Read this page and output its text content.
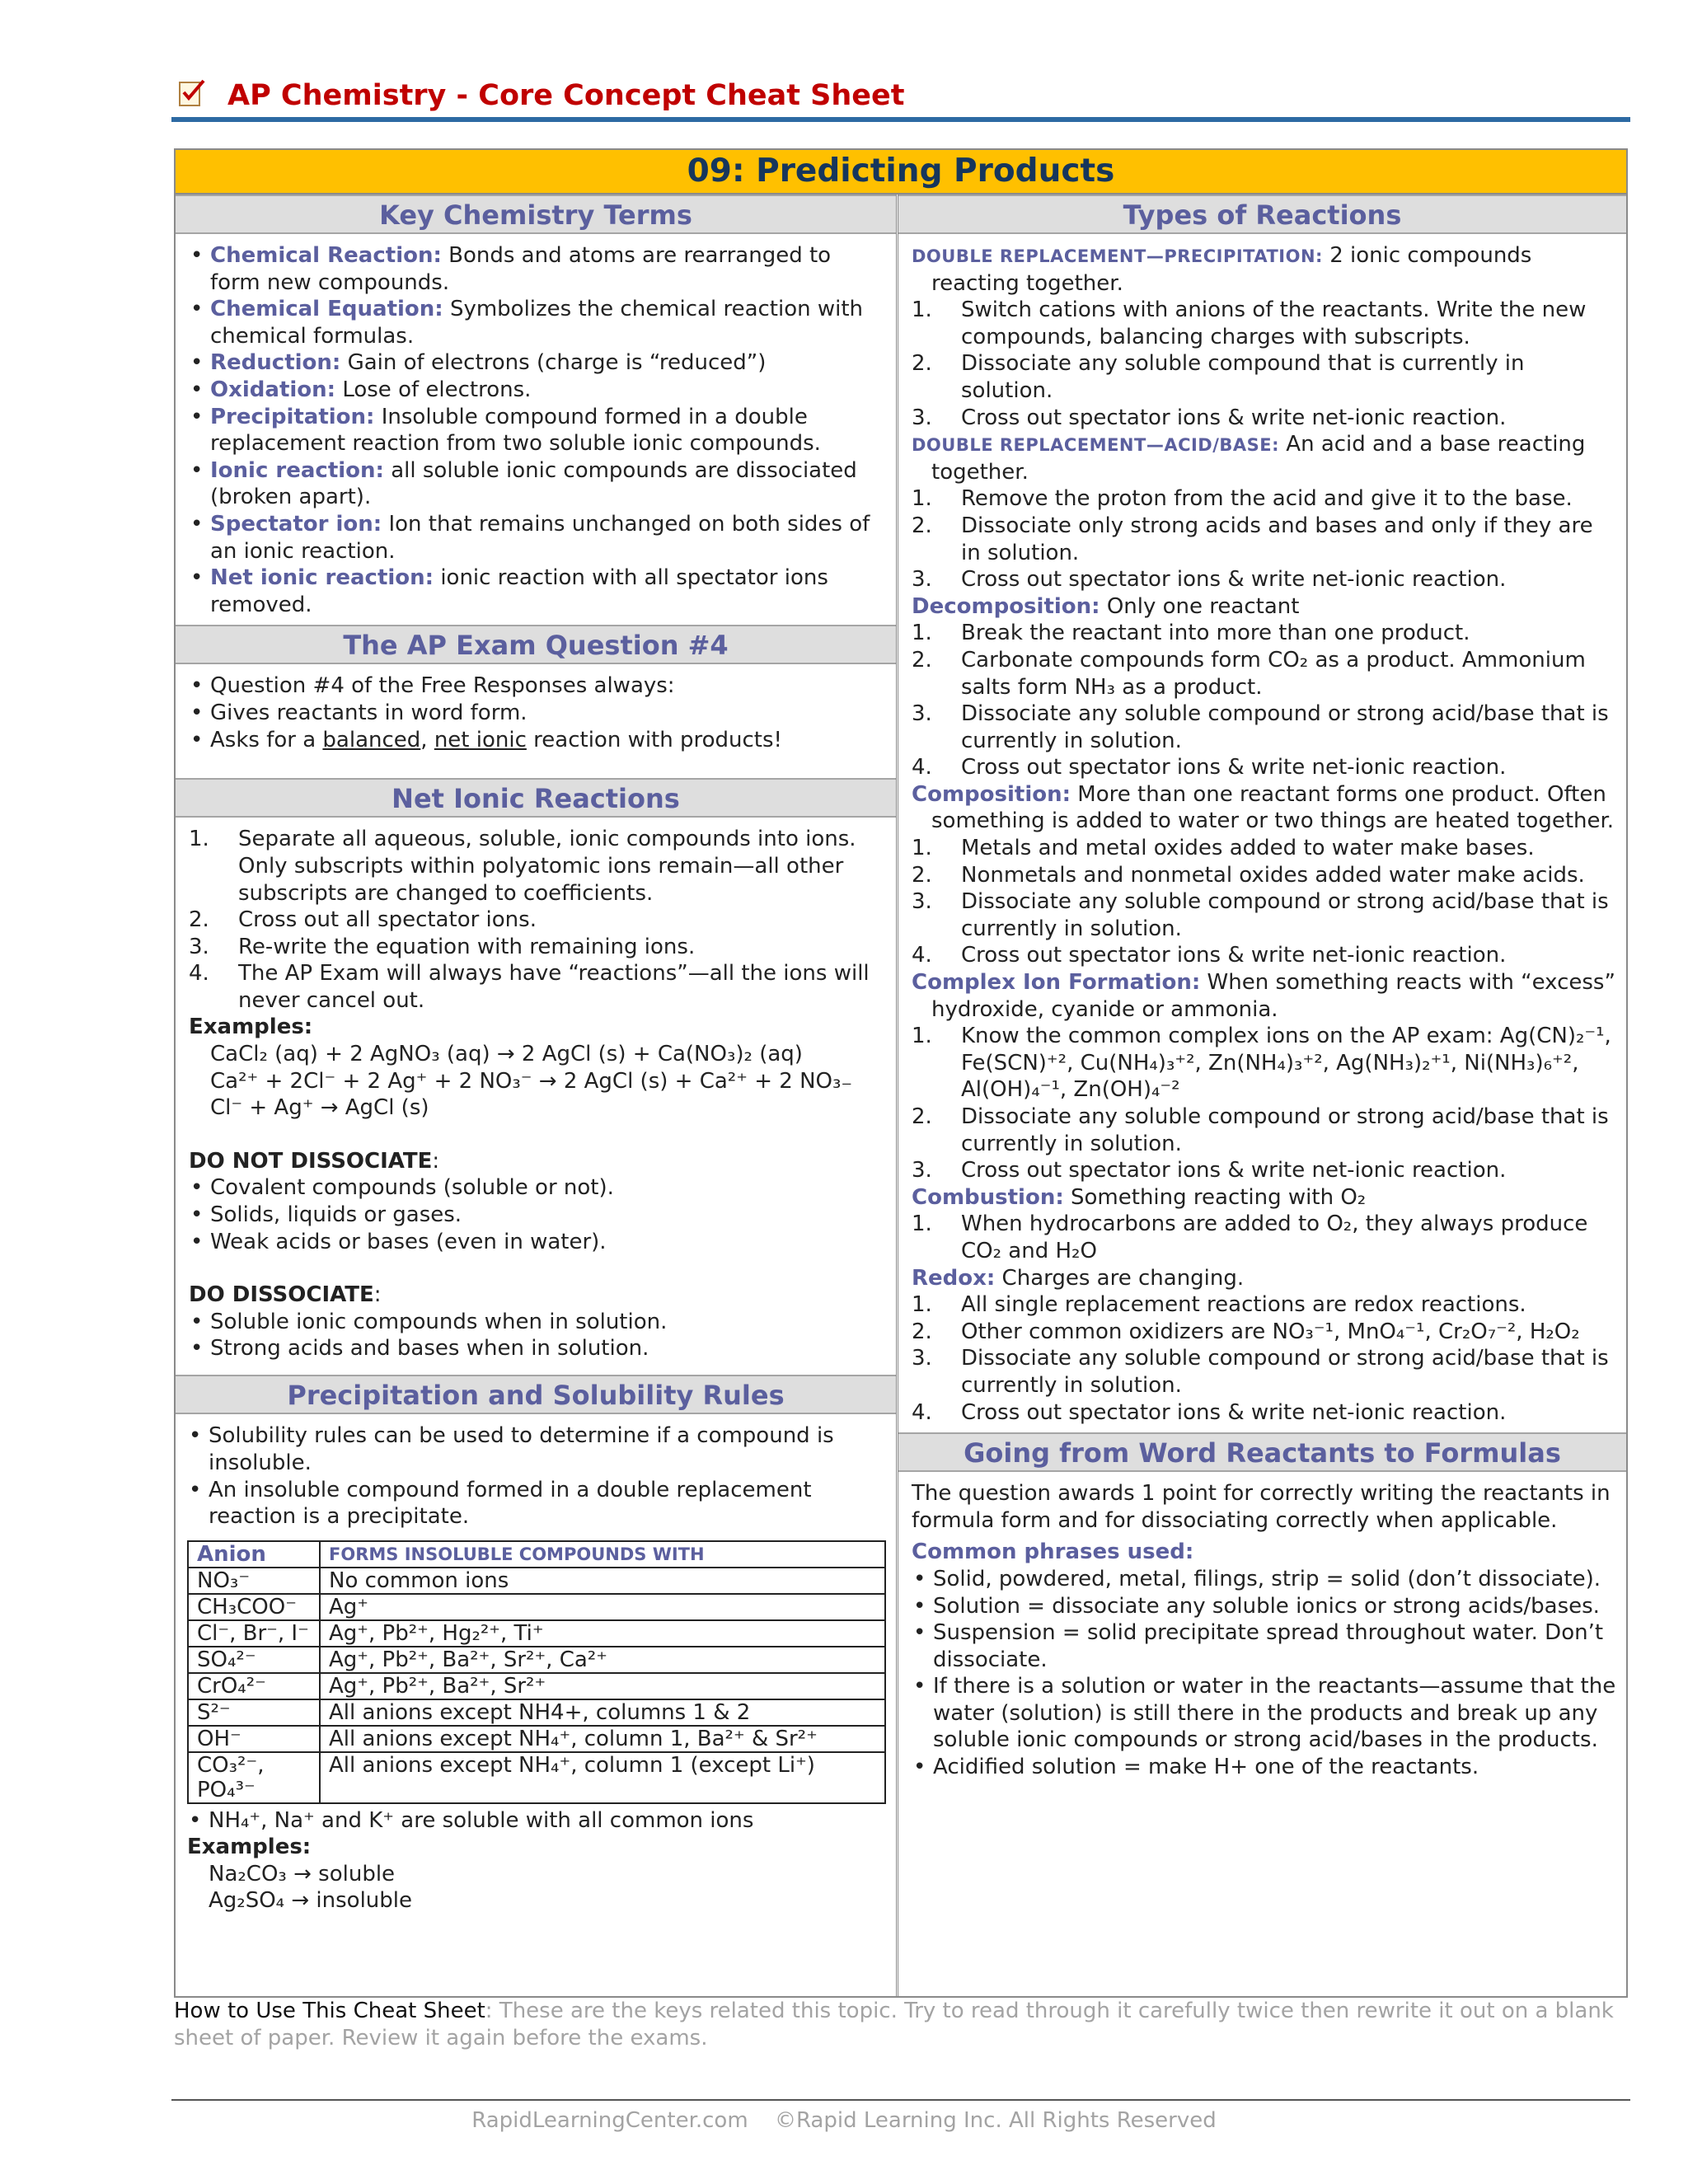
AP Chemistry - Core Concept Cheat Sheet
09: Predicting Products
Key Chemistry Terms
• Chemical Reaction: Bonds and atoms are rearranged to form new compounds.
• Chemical Equation: Symbolizes the chemical reaction with chemical formulas.
• Reduction: Gain of electrons (charge is “reduced”)
• Oxidation: Lose of electrons.
• Precipitation: Insoluble compound formed in a double replacement reaction from two soluble ionic compounds.
• Ionic reaction: all soluble ionic compounds are dissociated (broken apart).
• Spectator ion: Ion that remains unchanged on both sides of an ionic reaction.
• Net ionic reaction: ionic reaction with all spectator ions removed.
The AP Exam Question #4
• Question #4 of the Free Responses always:
• Gives reactants in word form.
• Asks for a balanced, net ionic reaction with products!
Net Ionic Reactions
1. Separate all aqueous, soluble, ionic compounds into ions. Only subscripts within polyatomic ions remain—all other subscripts are changed to coefficients.
2. Cross out all spectator ions.
3. Re-write the equation with remaining ions.
4. The AP Exam will always have “reactions”—all the ions will never cancel out.
Examples:
CaCl₂ (aq) + 2 AgNO₃ (aq) → 2 AgCl (s) + Ca(NO₃)₂ (aq)
Ca²⁺ + 2Cl⁻ + 2 Ag⁺ + 2 NO₃⁻ → 2 AgCl (s) + Ca²⁺ + 2 NO₃₋
Cl⁻ + Ag⁺ → AgCl (s)
DO NOT DISSOCIATE:
• Covalent compounds (soluble or not).
• Solids, liquids or gases.
• Weak acids or bases (even in water).
DO DISSOCIATE:
• Soluble ionic compounds when in solution.
• Strong acids and bases when in solution.
Precipitation and Solubility Rules
• Solubility rules can be used to determine if a compound is insoluble.
• An insoluble compound formed in a double replacement reaction is a precipitate.
Anion	FORMS INSOLUBLE COMPOUNDS WITH
NO₃⁻	No common ions
CH₃COO⁻	Ag⁺
Cl⁻, Br⁻, I⁻	Ag⁺, Pb²⁺, Hg₂²⁺, Ti⁺
SO₄²⁻	Ag⁺, Pb²⁺, Ba²⁺, Sr²⁺, Ca²⁺
CrO₄²⁻	Ag⁺, Pb²⁺, Ba²⁺, Sr²⁺
S²⁻	All anions except NH4+, columns 1 & 2
OH⁻	All anions except NH₄⁺, column 1, Ba²⁺ & Sr²⁺
CO₃²⁻, PO₄³⁻	All anions except NH₄⁺, column 1 (except Li⁺)
• NH₄⁺, Na⁺ and K⁺ are soluble with all common ions
Examples:
Na₂CO₃ → soluble
Ag₂SO₄ → insoluble
Types of Reactions
DOUBLE REPLACEMENT—PRECIPITATION: 2 ionic compounds reacting together.
1. Switch cations with anions of the reactants. Write the new compounds, balancing charges with subscripts.
2. Dissociate any soluble compound that is currently in solution.
3. Cross out spectator ions & write net-ionic reaction.
DOUBLE REPLACEMENT—ACID/BASE: An acid and a base reacting together.
1. Remove the proton from the acid and give it to the base.
2. Dissociate only strong acids and bases and only if they are in solution.
3. Cross out spectator ions & write net-ionic reaction.
Decomposition: Only one reactant
1. Break the reactant into more than one product.
2. Carbonate compounds form CO₂ as a product. Ammonium salts form NH₃ as a product.
3. Dissociate any soluble compound or strong acid/base that is currently in solution.
4. Cross out spectator ions & write net-ionic reaction.
Composition: More than one reactant forms one product. Often something is added to water or two things are heated together.
1. Metals and metal oxides added to water make bases.
2. Nonmetals and nonmetal oxides added water make acids.
3. Dissociate any soluble compound or strong acid/base that is currently in solution.
4. Cross out spectator ions & write net-ionic reaction.
Complex Ion Formation: When something reacts with “excess” hydroxide, cyanide or ammonia.
1. Know the common complex ions on the AP exam: Ag(CN)₂⁻¹, Fe(SCN)⁺², Cu(NH₄)₃⁺², Zn(NH₄)₃⁺², Ag(NH₃)₂⁺¹, Ni(NH₃)₆⁺², Al(OH)₄⁻¹, Zn(OH)₄⁻²
2. Dissociate any soluble compound or strong acid/base that is currently in solution.
3. Cross out spectator ions & write net-ionic reaction.
Combustion: Something reacting with O₂
1. When hydrocarbons are added to O₂, they always produce CO₂ and H₂O
Redox: Charges are changing.
1. All single replacement reactions are redox reactions.
2. Other common oxidizers are NO₃⁻¹, MnO₄⁻¹, Cr₂O₇⁻², H₂O₂
3. Dissociate any soluble compound or strong acid/base that is currently in solution.
4. Cross out spectator ions & write net-ionic reaction.
Going from Word Reactants to Formulas
The question awards 1 point for correctly writing the reactants in formula form and for dissociating correctly when applicable.
Common phrases used:
• Solid, powdered, metal, filings, strip = solid (don’t dissociate).
• Solution = dissociate any soluble ionics or strong acids/bases.
• Suspension = solid precipitate spread throughout water. Don’t dissociate.
• If there is a solution or water in the reactants—assume that the water (solution) is still there in the products and break up any soluble ionic compounds or strong acid/bases in the products.
• Acidified solution = make H+ one of the reactants.
How to Use This Cheat Sheet: These are the keys related this topic. Try to read through it carefully twice then rewrite it out on a blank sheet of paper. Review it again before the exams.
RapidLearningCenter.com ©Rapid Learning Inc. All Rights Reserved
